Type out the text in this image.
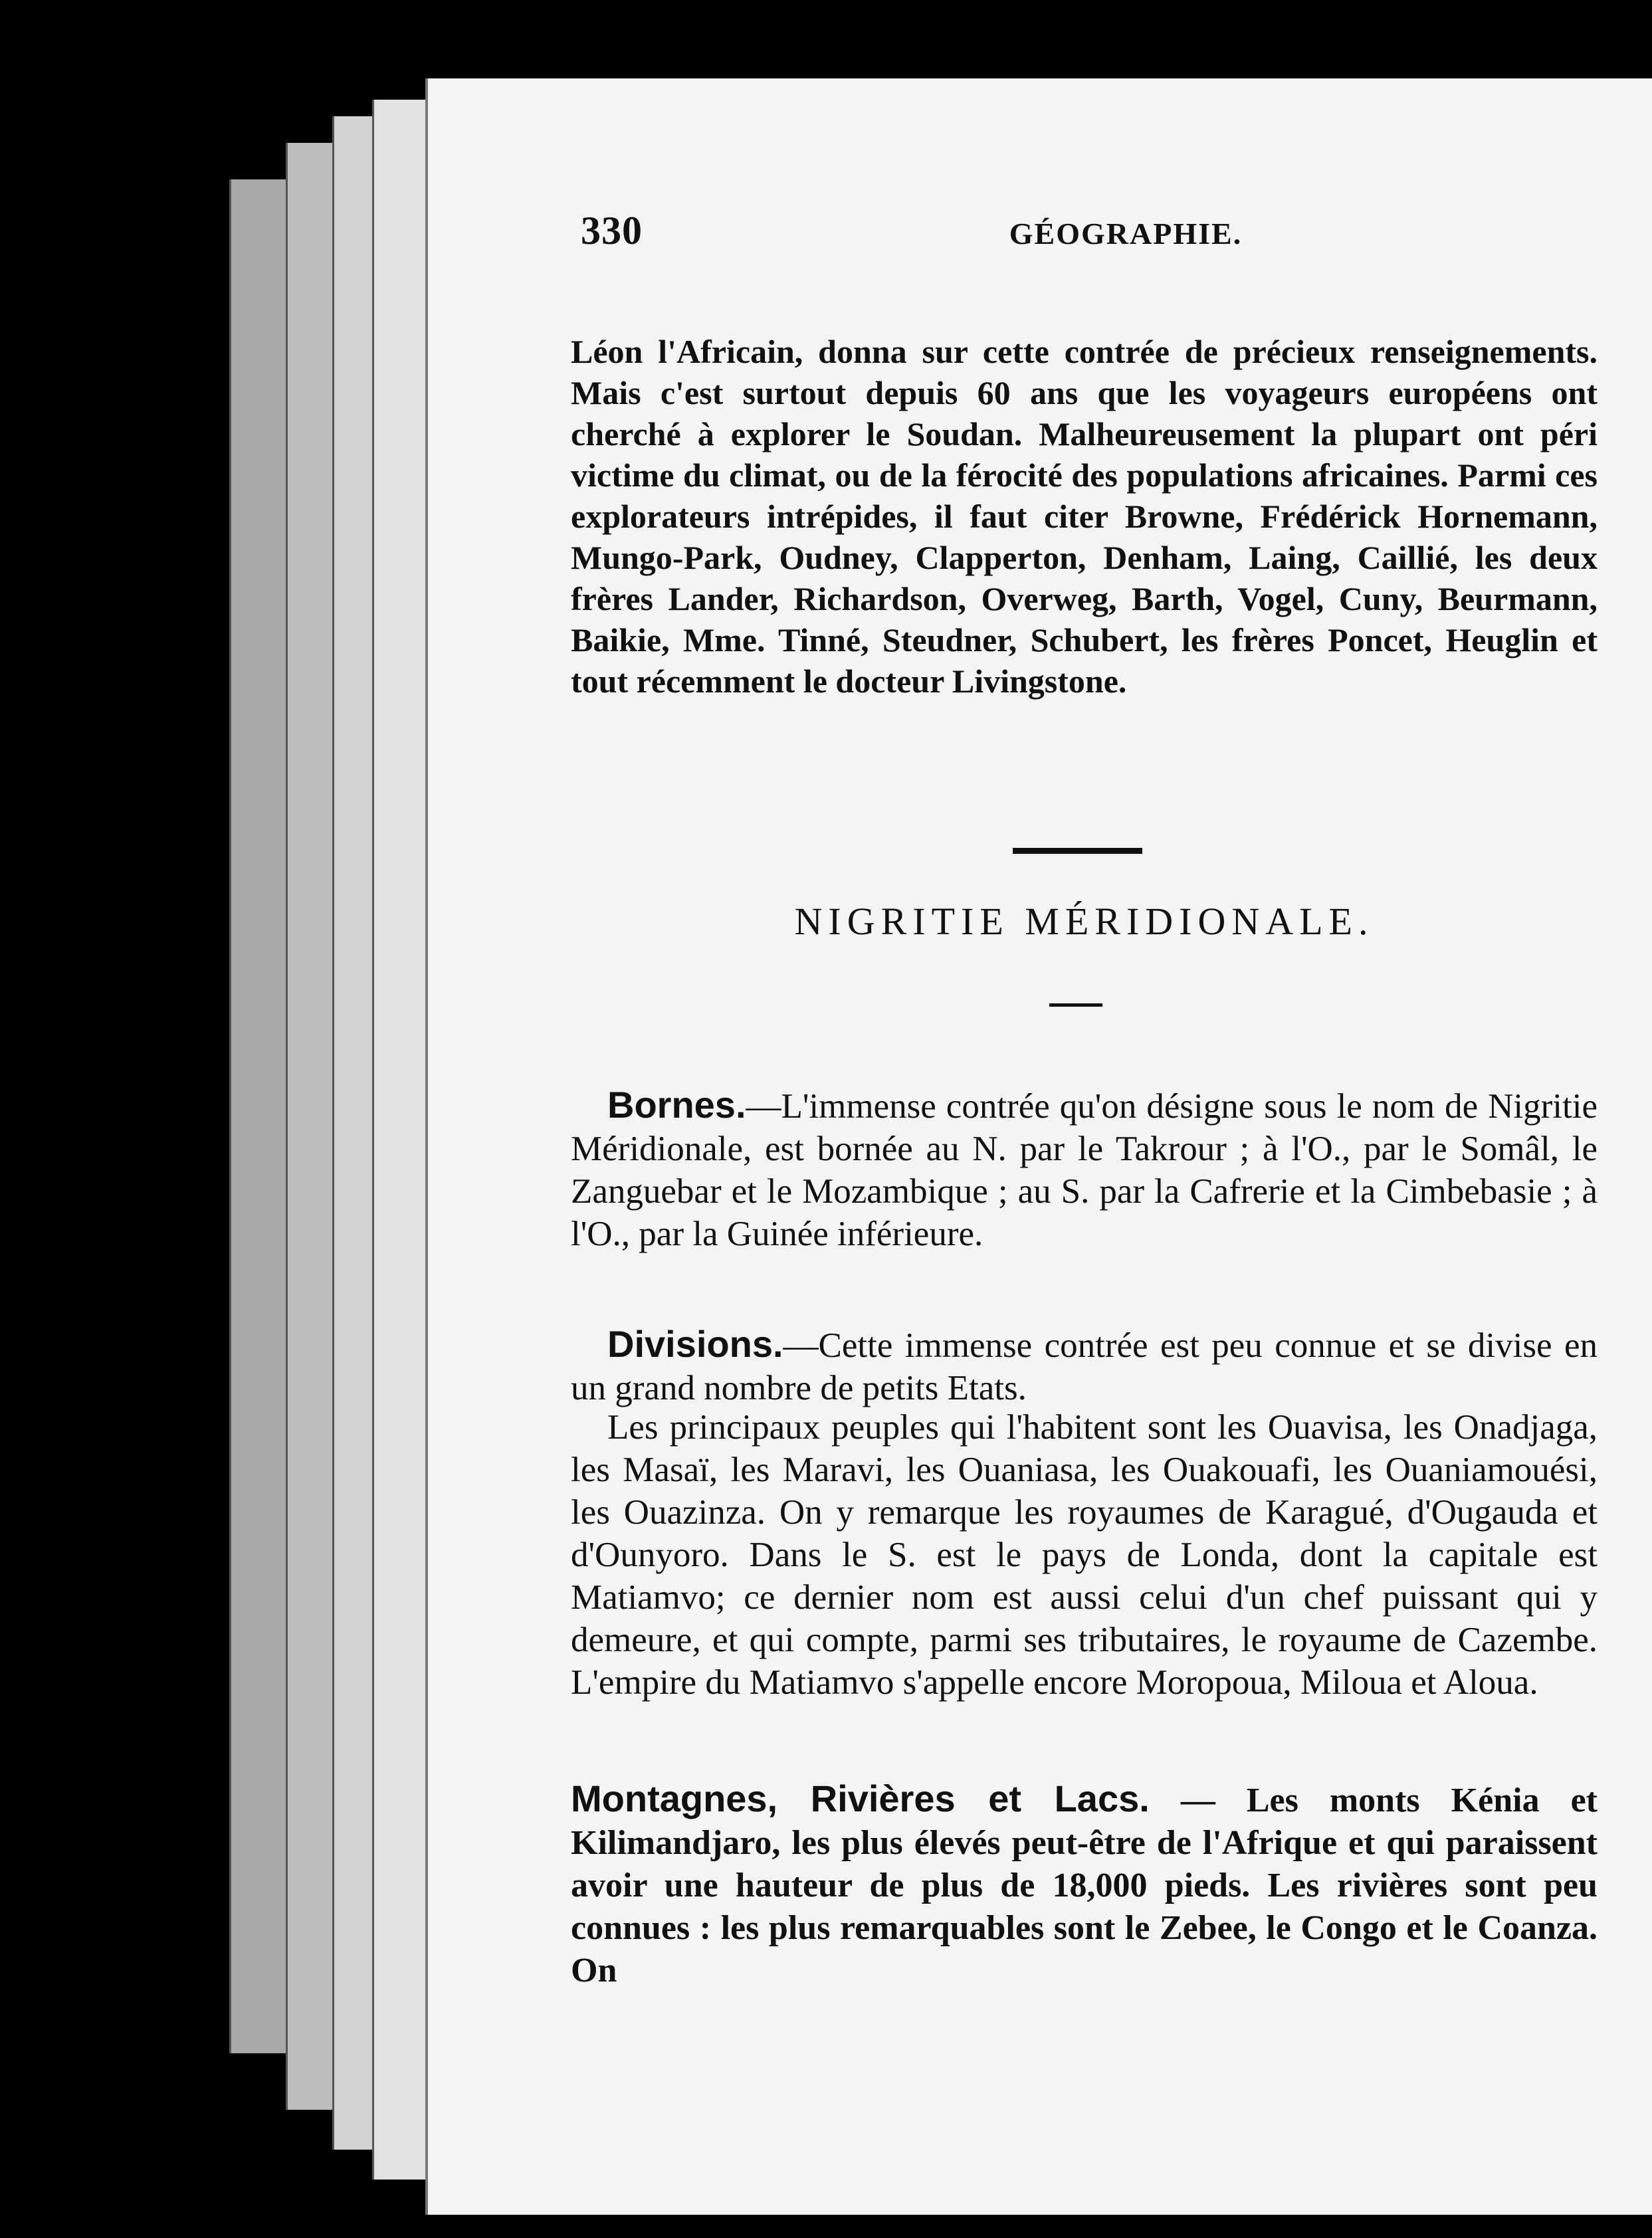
330	GÉOGRAPHIE.

Léon l'Africain, donna sur cette contrée de précieux renseignements. Mais c'est surtout depuis 60 ans que les voyageurs européens ont cherché à explorer le Soudan. Malheureusement la plupart ont péri victime du climat, ou de la férocité des populations africaines. Parmi ces explorateurs intrépides, il faut citer Browne, Frédérick Hornemann, Mungo-Park, Oudney, Clapperton, Denham, Laing, Caillié, les deux frères Lander, Richardson, Overweg, Barth, Vogel, Cuny, Beurmann, Baikie, Mme. Tinné, Steudner, Schubert, les frères Poncet, Heuglin et tout récemment le docteur Livingstone.

NIGRITIE MÉRIDIONALE.

Bornes.—L'immense contrée qu'on désigne sous le nom de Nigritie Méridionale, est bornée au N. par le Takrour ; à l'O., par le Somâl, le Zanguebar et le Mozambique ; au S. par la Cafrerie et la Cimbebasie ; à l'O., par la Guinée inférieure.

Divisions.—Cette immense contrée est peu connue et se divise en un grand nombre de petits Etats.

Les principaux peuples qui l'habitent sont les Ouavisa, les Onadjaga, les Masaï, les Maravi, les Ouaniasa, les Ouakouafi, les Ouaniamouési, les Ouazinza. On y remarque les royaumes de Karagué, d'Ougauda et d'Ounyoro. Dans le S. est le pays de Londa, dont la capitale est Matiamvo; ce dernier nom est aussi celui d'un chef puissant qui y demeure, et qui compte, parmi ses tributaires, le royaume de Cazembe. L'empire du Matiamvo s'appelle encore Moropoua, Miloua et Aloua.

Montagnes, Rivières et Lacs. — Les monts Kénia et Kilimandjaro, les plus élevés peut-être de l'Afrique et qui paraissent avoir une hauteur de plus de 18,000 pieds. Les rivières sont peu connues : les plus remarquables sont le Zebee, le Congo et le Coanza. On
